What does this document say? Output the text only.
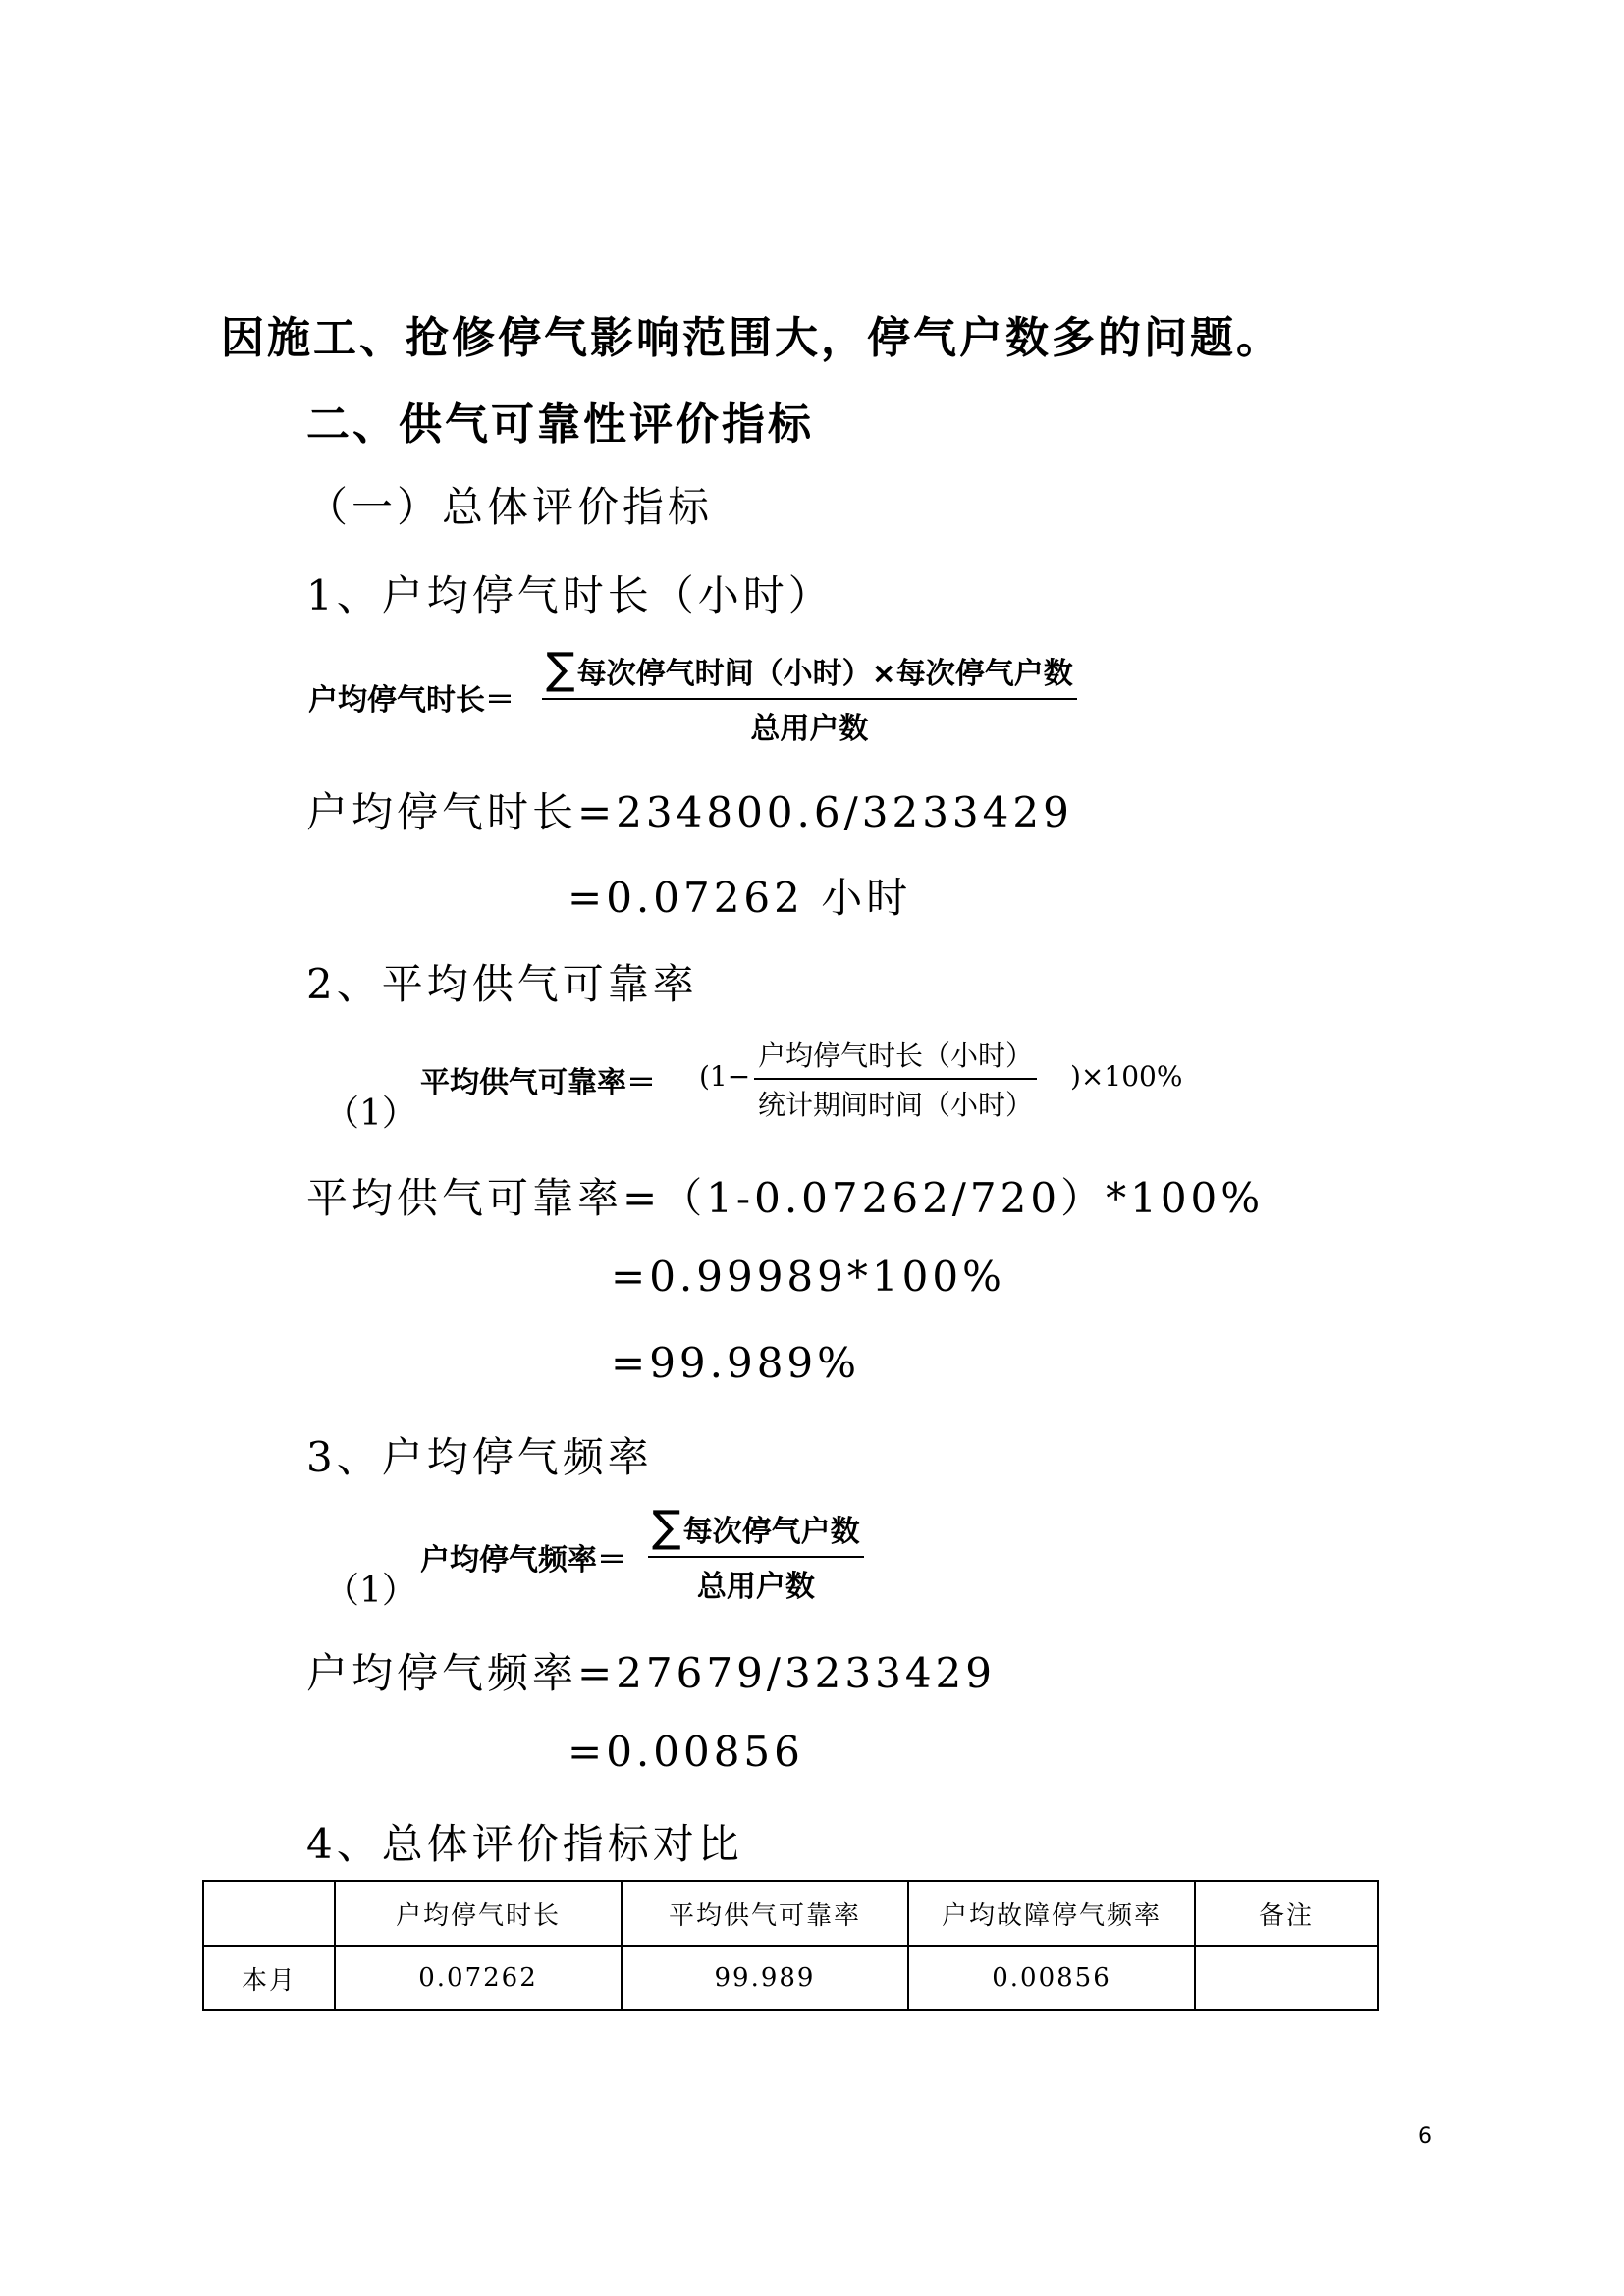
因施工、抢修停气影响范围大，停气户数多的问题。
二、供气可靠性评价指标
（一）总体评价指标
1、户均停气时长（小时）
户均停气时长＝
∑每次停气时间（小时）×每次停气户数
总用户数
户均停气时长=234800.6/3233429
=0.07262 小时
2、平均供气可靠率
（1）
平均供气可靠率＝ (1−
户均停气时长（小时）
统计期间时间（小时）
)×100%
平均供气可靠率=（1-0.07262/720）*100%
=0.99989*100%
=99.989%
3、户均停气频率
（1）
户均停气频率＝
∑每次停气户数
总用户数
户均停气频率=27679/3233429
=0.00856
4、总体评价指标对比
	户均停气时长	平均供气可靠率	户均故障停气频率	备注
本月	0.07262	99.989	0.00856	
6
